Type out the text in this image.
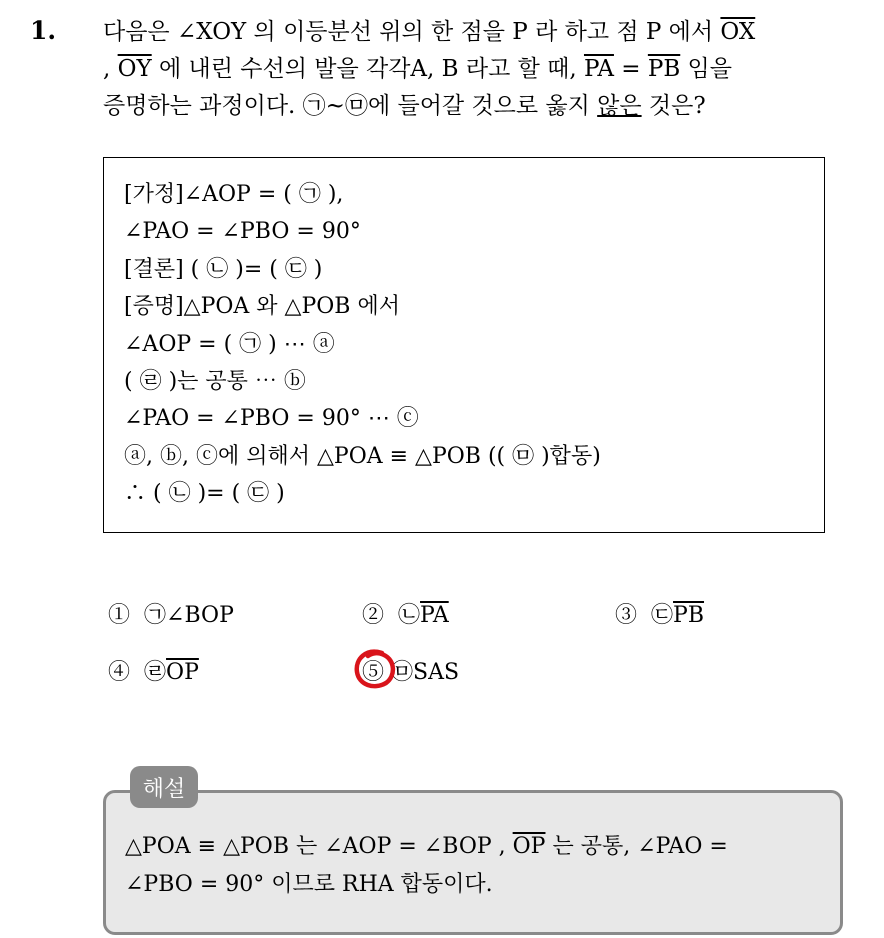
1. 다음은 ∠XOY 의 이등분선 위의 한 점을 P 라 하고 점 P 에서 $\overline{OX}$
, $\overline{OY}$ 에 내린 수선의 발을 각각A, B 라고 할 때, $\overline{PA} = \overline{PB}$ 임을
증명하는 과정이다. ㉠~㉤에 들어갈 것으로 옳지 않은 것은?
[가정]∠AOP = ( ㉠ ),
∠PAO = ∠PBO = 90°
[결론] ( ㉡ )= ( ㉢ )
[증명]△POA 와 △POB 에서
∠AOP = ( ㉠ ) ⋯ ⓐ
( ㉣ )는 공통 ⋯ ⓑ
∠PAO = ∠PBO = 90° ⋯ ⓒ
ⓐ, ⓑ, ⓒ에 의해서 △POA ≡ △POB (( ㉤ )합동)
∴ ( ㉡ )= ( ㉢ )
① ㉠∠BOP	② $㉡\overline{PA}$	③ $㉢\overline{PB}$
④ $㉣\overline{OP}$	⑤ ㉤SAS
해설
△POA ≡ △POB 는 ∠AOP = ∠BOP , $\overline{OP}$ 는 공통, ∠PAO =
∠PBO = 90° 이므로 RHA 합동이다.
